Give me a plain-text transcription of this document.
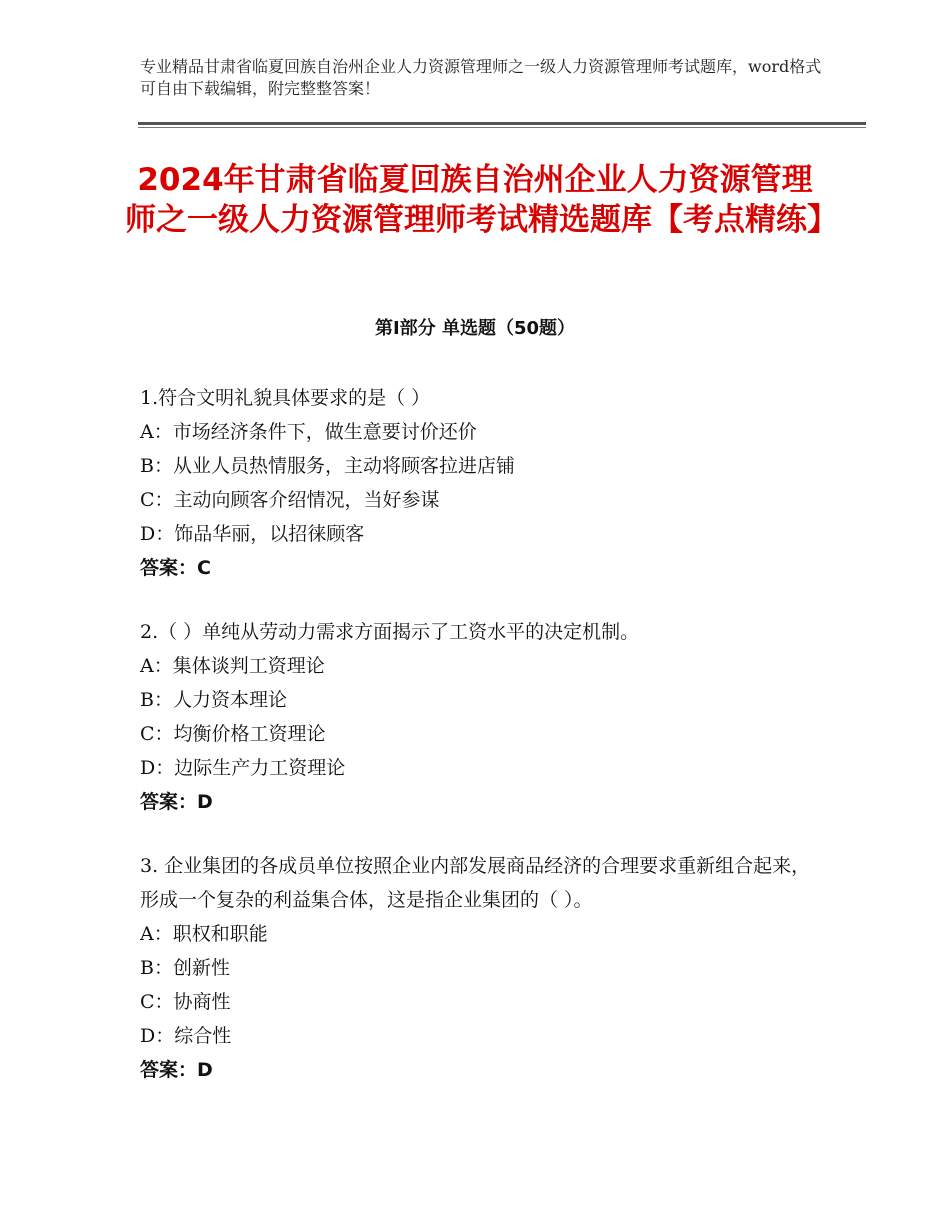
专业精品甘肃省临夏回族自治州企业人力资源管理师之一级人力资源管理师考试题库，word格式可自由下载编辑，附完整整答案！
2024年甘肃省临夏回族自治州企业人力资源管理师之一级人力资源管理师考试精选题库【考点精练】
第Ⅰ部分 单选题（50题）
1.符合文明礼貌具体要求的是（ ）
A：市场经济条件下，做生意要讨价还价
B：从业人员热情服务，主动将顾客拉进店铺
C：主动向顾客介绍情况，当好参谋
D：饰品华丽，以招徕顾客
答案：C
2.（ ）单纯从劳动力需求方面揭示了工资水平的决定机制。
A：集体谈判工资理论
B：人力资本理论
C：均衡价格工资理论
D：边际生产力工资理论
答案：D
3. 企业集团的各成员单位按照企业内部发展商品经济的合理要求重新组合起来，形成一个复杂的利益集合体，这是指企业集团的（ ）。
A：职权和职能
B：创新性
C：协商性
D：综合性
答案：D
